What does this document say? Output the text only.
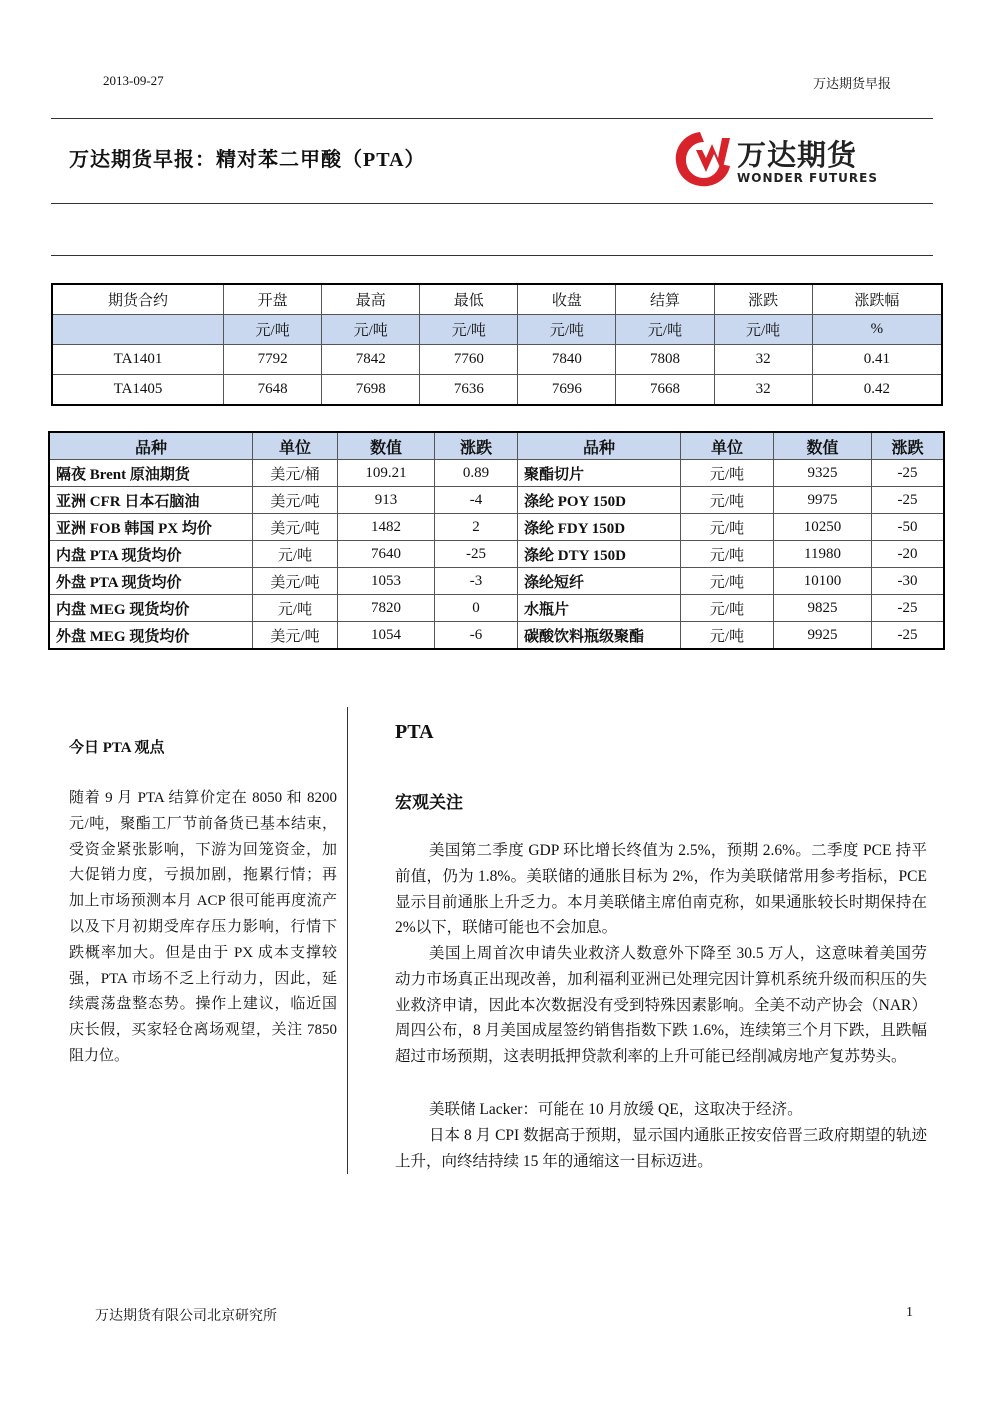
2013-09-27	万达期货早报
万达期货早报：精对苯二甲酸（PTA）	万达期货
WONDER FUTURES
期货合约	开盘	最高	最低	收盘	结算	涨跌	涨跌幅
	元/吨	元/吨	元/吨	元/吨	元/吨	元/吨	%
TA1401	7792	7842	7760	7840	7808	32	0.41
TA1405	7648	7698	7636	7696	7668	32	0.42
品种	单位	数值	涨跌	品种	单位	数值	涨跌
隔夜 Brent 原油期货	美元/桶	109.21	0.89	聚酯切片	元/吨	9325	-25
亚洲 CFR 日本石脑油	美元/吨	913	-4	涤纶 POY 150D	元/吨	9975	-25
亚洲 FOB 韩国 PX 均价	美元/吨	1482	2	涤纶 FDY 150D	元/吨	10250	-50
内盘 PTA 现货均价	元/吨	7640	-25	涤纶 DTY 150D	元/吨	11980	-20
外盘 PTA 现货均价	美元/吨	1053	-3	涤纶短纤	元/吨	10100	-30
内盘 MEG 现货均价	元/吨	7820	0	水瓶片	元/吨	9825	-25
外盘 MEG 现货均价	美元/吨	1054	-6	碳酸饮料瓶级聚酯	元/吨	9925	-25
今日 PTA 观点
随着 9 月 PTA 结算价定在 8050 和 8200 元/吨，聚酯工厂节前备货已基本结束，受资金紧张影响，下游为回笼资金，加大促销力度，亏损加剧，拖累行情；再加上市场预测本月 ACP 很可能再度流产以及下月初期受库存压力影响，行情下跌概率加大。但是由于 PX 成本支撑较强，PTA 市场不乏上行动力，因此，延续震荡盘整态势。操作上建议，临近国庆长假，买家轻仓离场观望，关注 7850 阻力位。
PTA
宏观关注

美国第二季度 GDP 环比增长终值为 2.5%，预期 2.6%。二季度 PCE 持平前值，仍为 1.8%。美联储的通胀目标为 2%，作为美联储常用参考指标，PCE 显示目前通胀上升乏力。本月美联储主席伯南克称，如果通胀较长时期保持在 2%以下，联储可能也不会加息。

美国上周首次申请失业救济人数意外下降至 30.5 万人，这意味着美国劳动力市场真正出现改善，加利福利亚洲已处理完因计算机系统升级而积压的失业救济申请，因此本次数据没有受到特殊因素影响。全美不动产协会（NAR）周四公布，8 月美国成屋签约销售指数下跌 1.6%，连续第三个月下跌，且跌幅超过市场预期，这表明抵押贷款利率的上升可能已经削减房地产复苏势头。

美联储 Lacker：可能在 10 月放缓 QE，这取决于经济。

日本 8 月 CPI 数据高于预期，显示国内通胀正按安倍晋三政府期望的轨迹上升，向终结持续 15 年的通缩这一目标迈进。

万达期货有限公司北京研究所	1
